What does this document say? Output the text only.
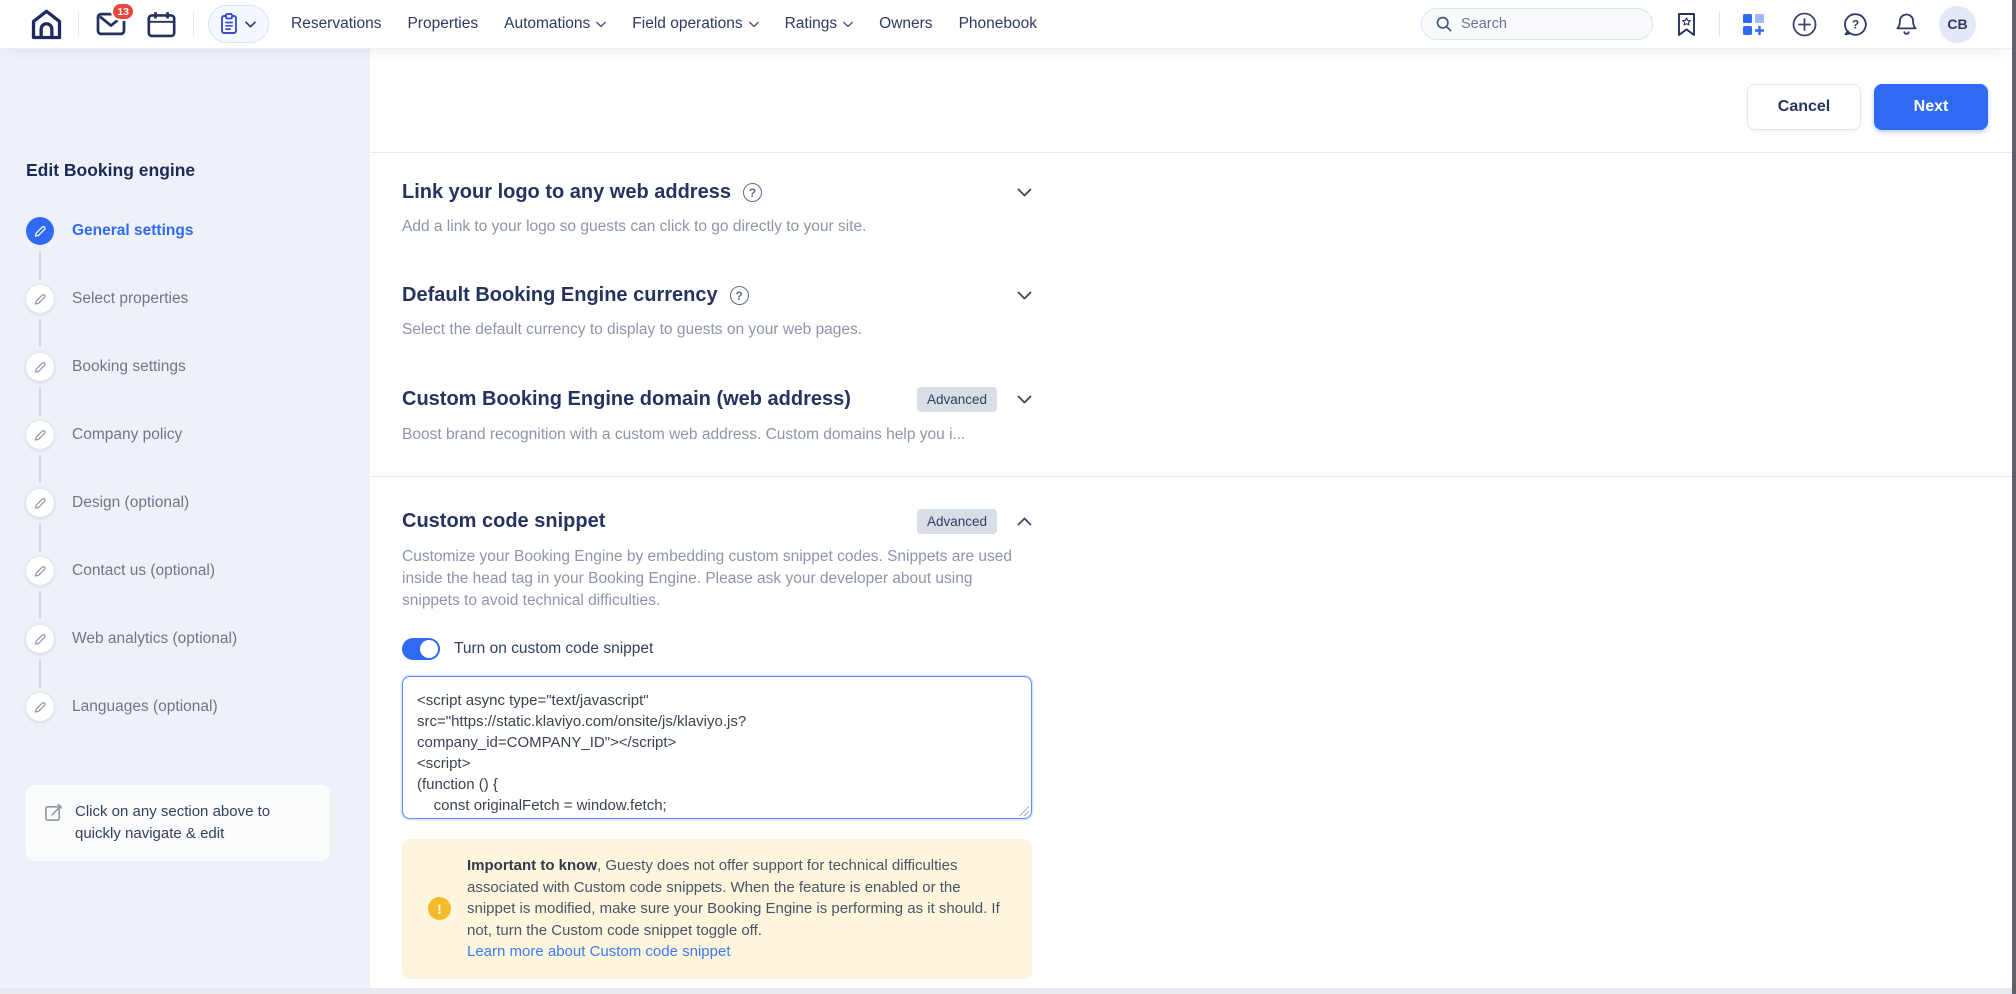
13
Reservations Properties Automations	Field operations	Ratings	Owners Phonebook
Search	?	CB
Edit Booking engine
General settings
Select properties
Booking settings
Company policy
Design (optional)
Contact us (optional)
Web analytics (optional)
Languages (optional)
Click on any section above to quickly navigate & edit
Cancel	Next
Link your logo to any web address	?
Add a link to your logo so guests can click to go directly to your site.
Default Booking Engine currency	?
Select the default currency to display to guests on your web pages.
Custom Booking Engine domain (web address)	Advanced
Boost brand recognition with a custom web address. Custom domains help you i...
Custom code snippet	Advanced
Customize your Booking Engine by embedding custom snippet codes. Snippets are used inside the head tag in your Booking Engine. Please ask your developer about using snippets to avoid technical difficulties.
Turn on custom code snippet
<script async type="text/javascript" src="https://static.klaviyo.com/onsite/js/klaviyo.js? company_id=COMPANY_ID"></script> <script> (function () { const originalFetch = window.fetch;
!
Important to know, Guesty does not offer support for technical difficulties associated with Custom code snippets. When the feature is enabled or the snippet is modified, make sure your Booking Engine is performing as it should. If not, turn the Custom code snippet toggle off.
Learn more about Custom code snippet
